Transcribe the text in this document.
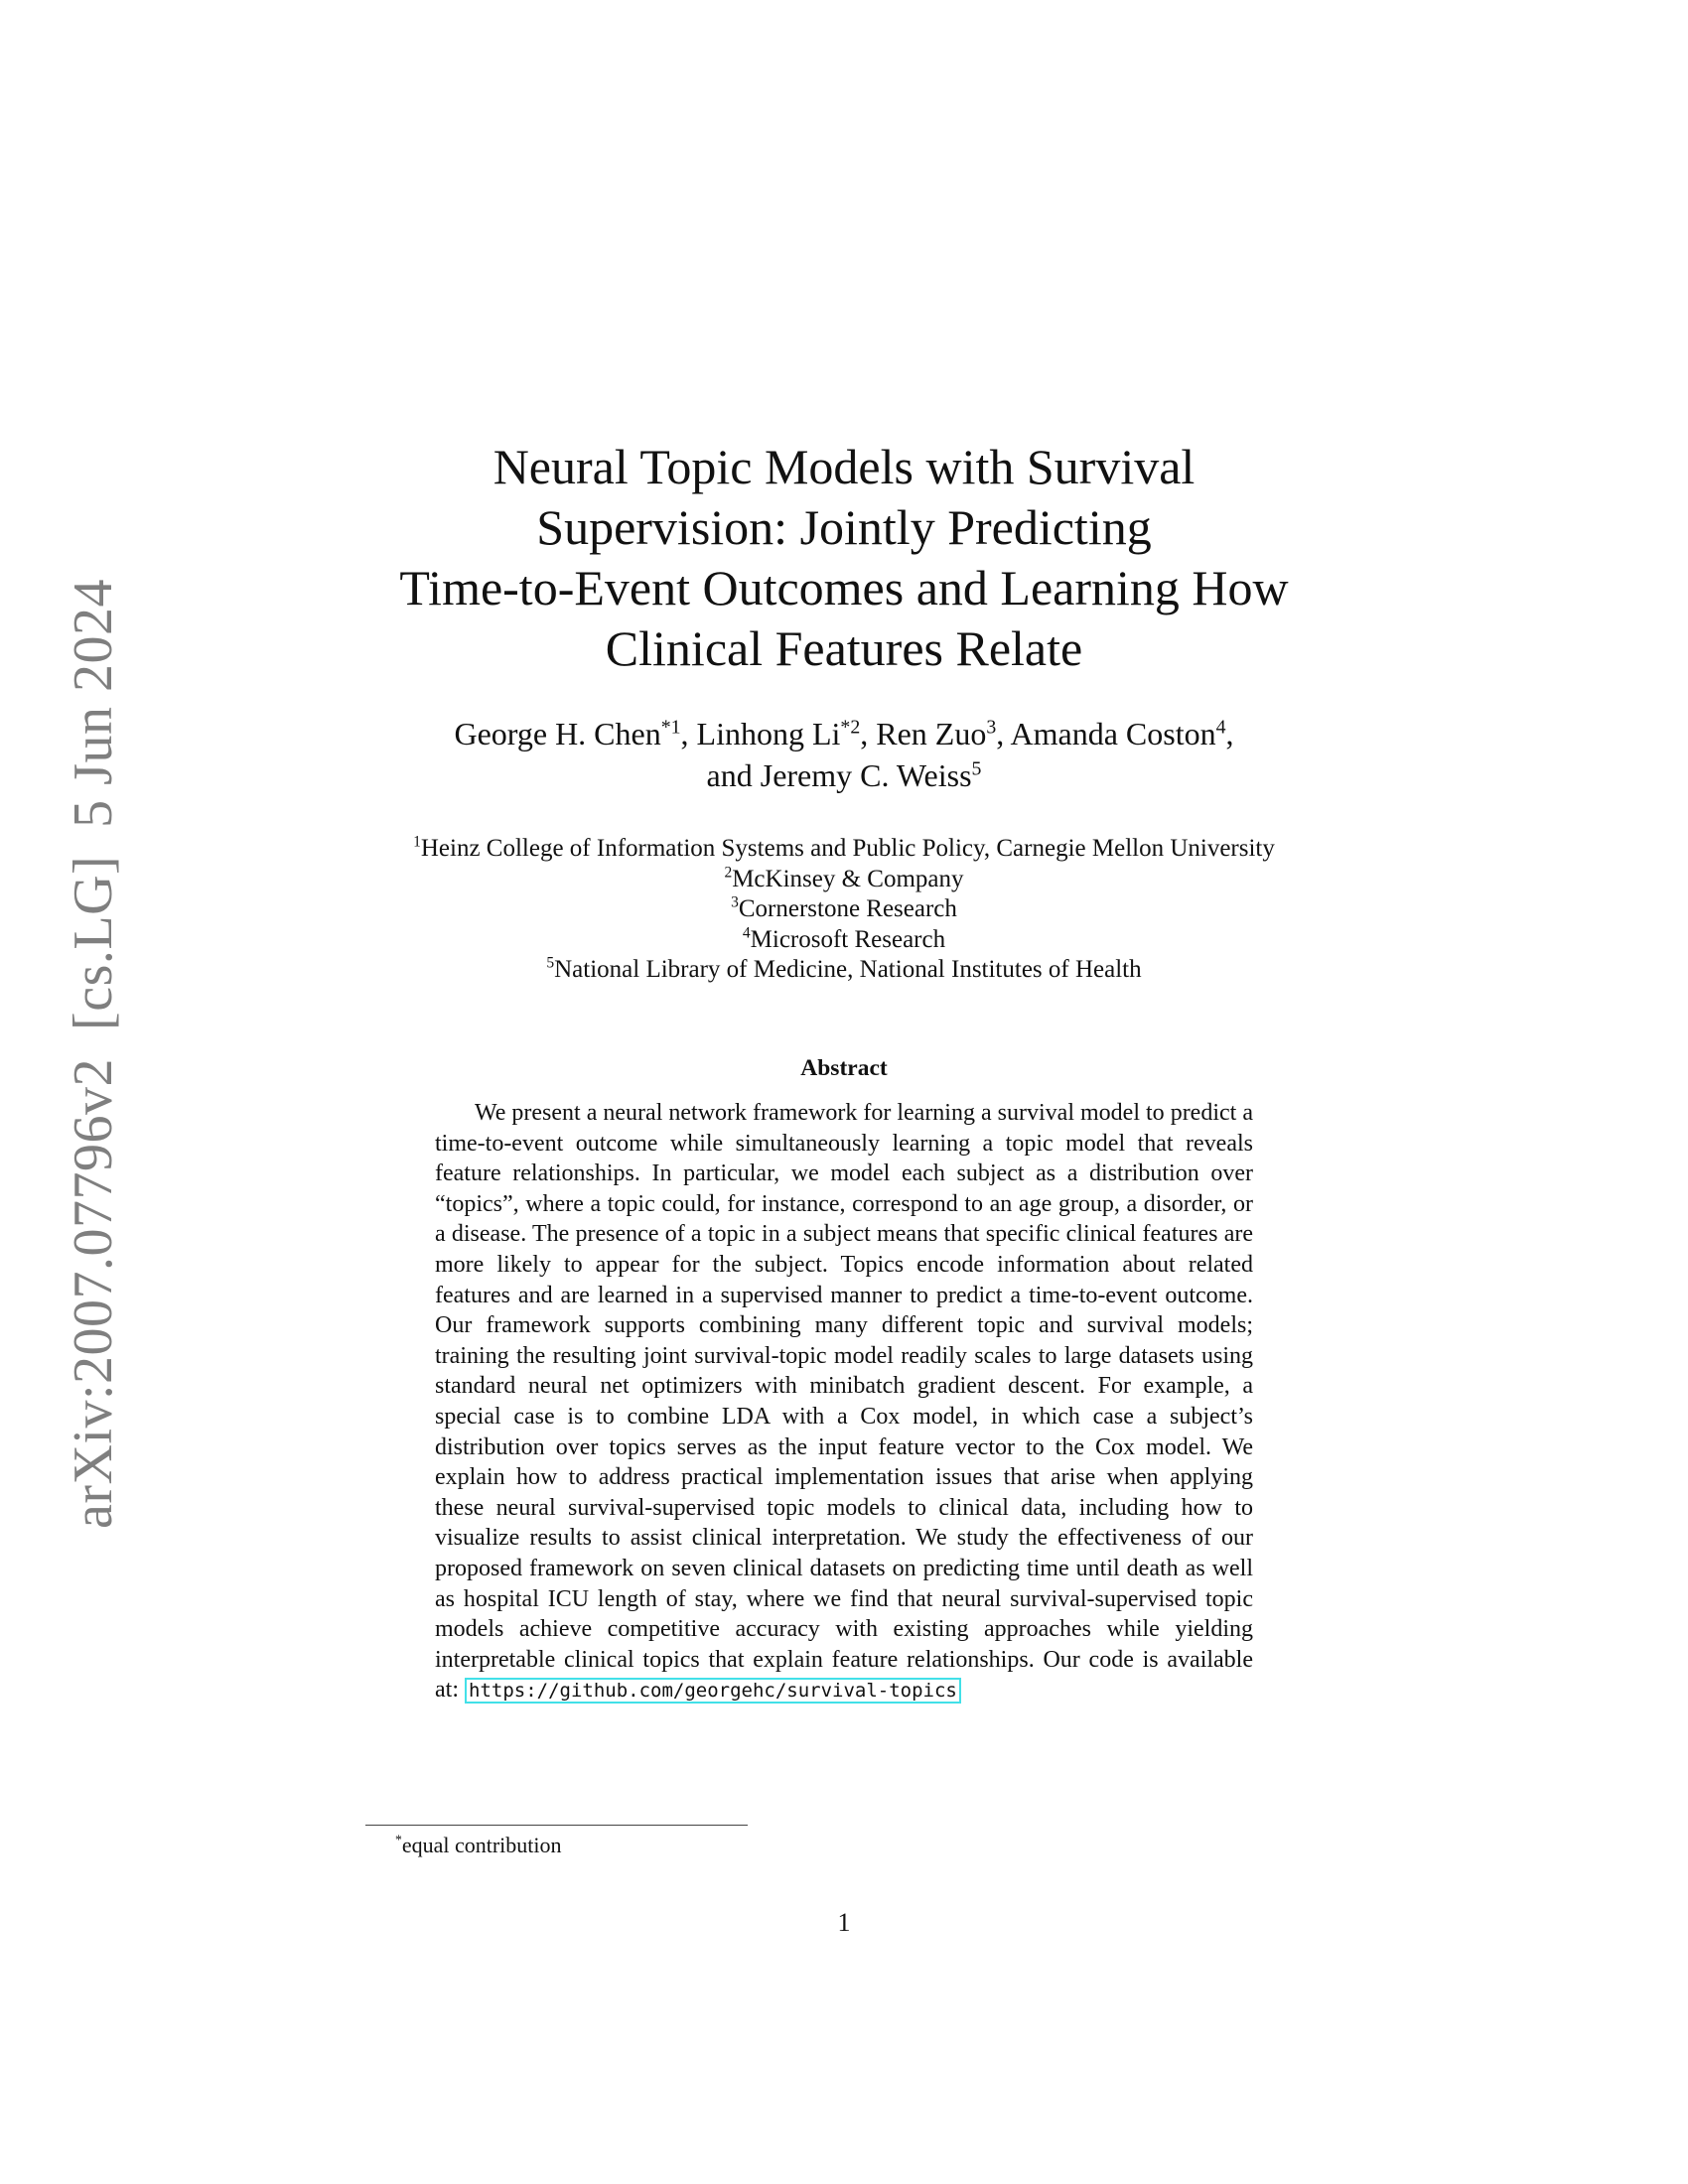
arXiv:2007.07796v2[cs.LG]5 Jun 2024
Neural Topic Models with Survival
Supervision: Jointly Predicting
Time-to-Event Outcomes and Learning How
Clinical Features Relate
George H. Chen$^{*1}$, Linhong Li$^{*2}$, Ren Zuo$^3$, Amanda Coston$^4$,
and Jeremy C. Weiss$^5$
$^1$Heinz College of Information Systems and Public Policy, Carnegie Mellon University
$^2$McKinsey & Company
$^3$Cornerstone Research
$^4$Microsoft Research
$^5$National Library of Medicine, National Institutes of Health
Abstract

We present a neural network framework for learning a survival model to predict a time-to-event outcome while simultaneously learning a topic model that reveals feature relationships. In particular, we model each subject as a distribution over “topics”, where a topic could, for instance, correspond to an age group, a disorder, or a disease. The presence of a topic in a subject means that specific clinical features are more likely to appear for the subject. Topics encode information about related features and are learned in a supervised manner to predict a time-to-event outcome. Our framework supports combining many different topic and survival models; training the resulting joint survival-topic model readily scales to large datasets using standard neural net optimizers with minibatch gradient descent. For example, a special case is to combine LDA with a Cox model, in which case a subject’s distribution over topics serves as the input feature vector to the Cox model. We explain how to address practical implementation issues that arise when applying these neural survival-supervised topic models to clinical data, including how to visualize results to assist clinical interpretation. We study the effectiveness of our proposed framework on seven clinical datasets on predicting time until death as well as hospital ICU length of stay, where we find that neural survival-supervised topic models achieve competitive accuracy with existing approaches while yielding interpretable clinical topics that explain feature relationships. Our code is available at: https://github.com/georgehc/survival-topics

*equal contribution
1
